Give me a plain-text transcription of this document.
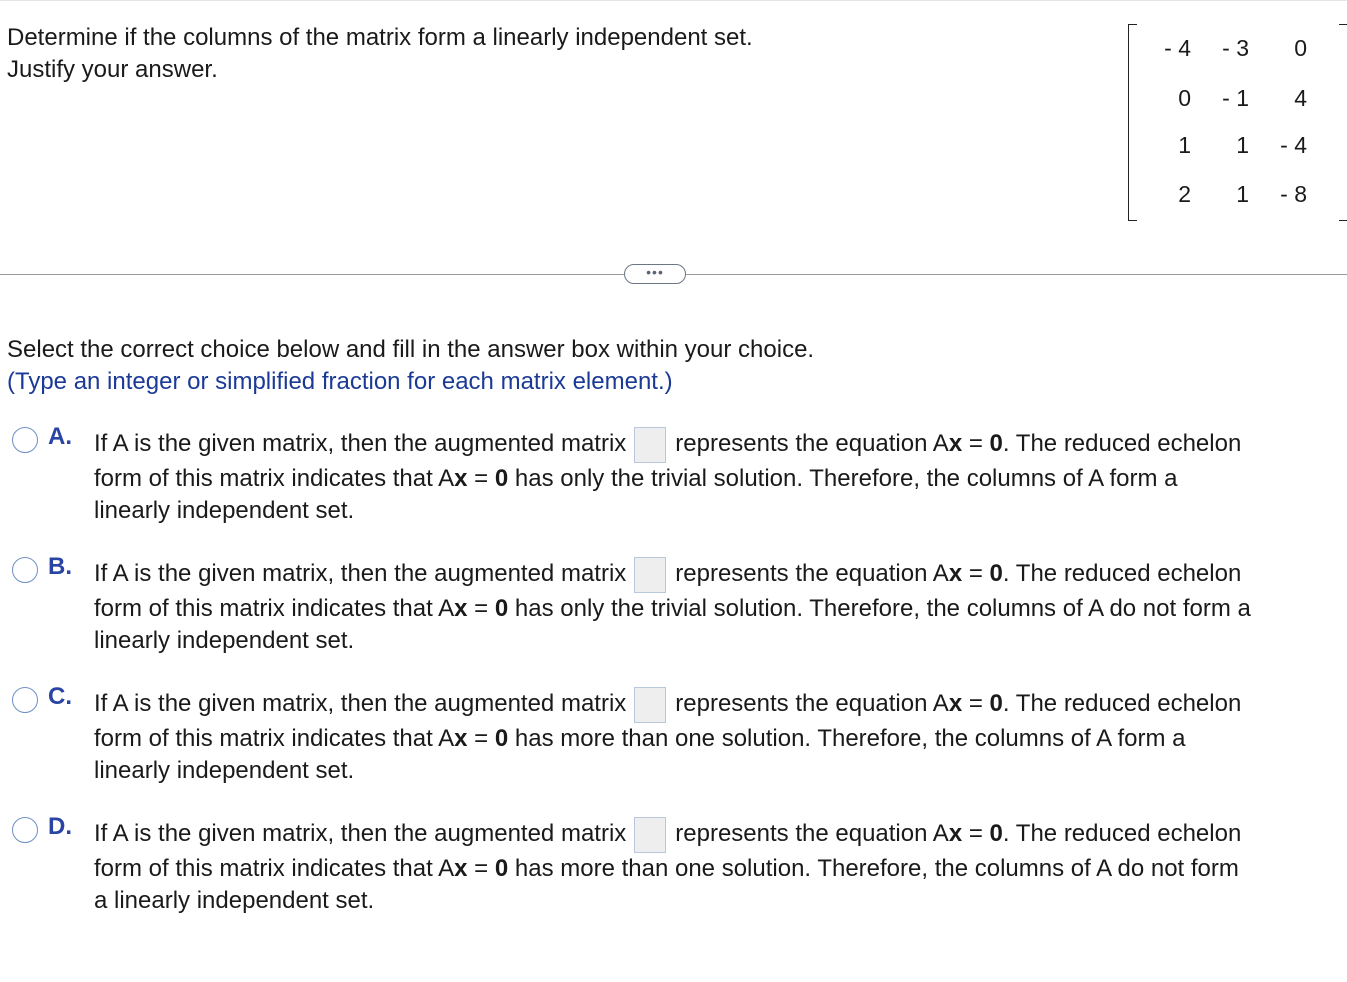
Determine if the columns of the matrix form a linearly independent set.
Justify your answer.
- 4	- 3	0
0	- 1	4
1	1	- 4
2	1	- 8
•••
Select the correct choice below and fill in the answer box within your choice.
(Type an integer or simplified fraction for each matrix element.)
A. If A is the given matrix, then the augmented matrix represents the equation Ax = 0. The reduced echelon
form of this matrix indicates that Ax = 0 has only the trivial solution. Therefore, the columns of A form a
linearly independent set.
B. If A is the given matrix, then the augmented matrix represents the equation Ax = 0. The reduced echelon
form of this matrix indicates that Ax = 0 has only the trivial solution. Therefore, the columns of A do not form a
linearly independent set.
C. If A is the given matrix, then the augmented matrix represents the equation Ax = 0. The reduced echelon
form of this matrix indicates that Ax = 0 has more than one solution. Therefore, the columns of A form a
linearly independent set.
D. If A is the given matrix, then the augmented matrix represents the equation Ax = 0. The reduced echelon
form of this matrix indicates that Ax = 0 has more than one solution. Therefore, the columns of A do not form
a linearly independent set.
